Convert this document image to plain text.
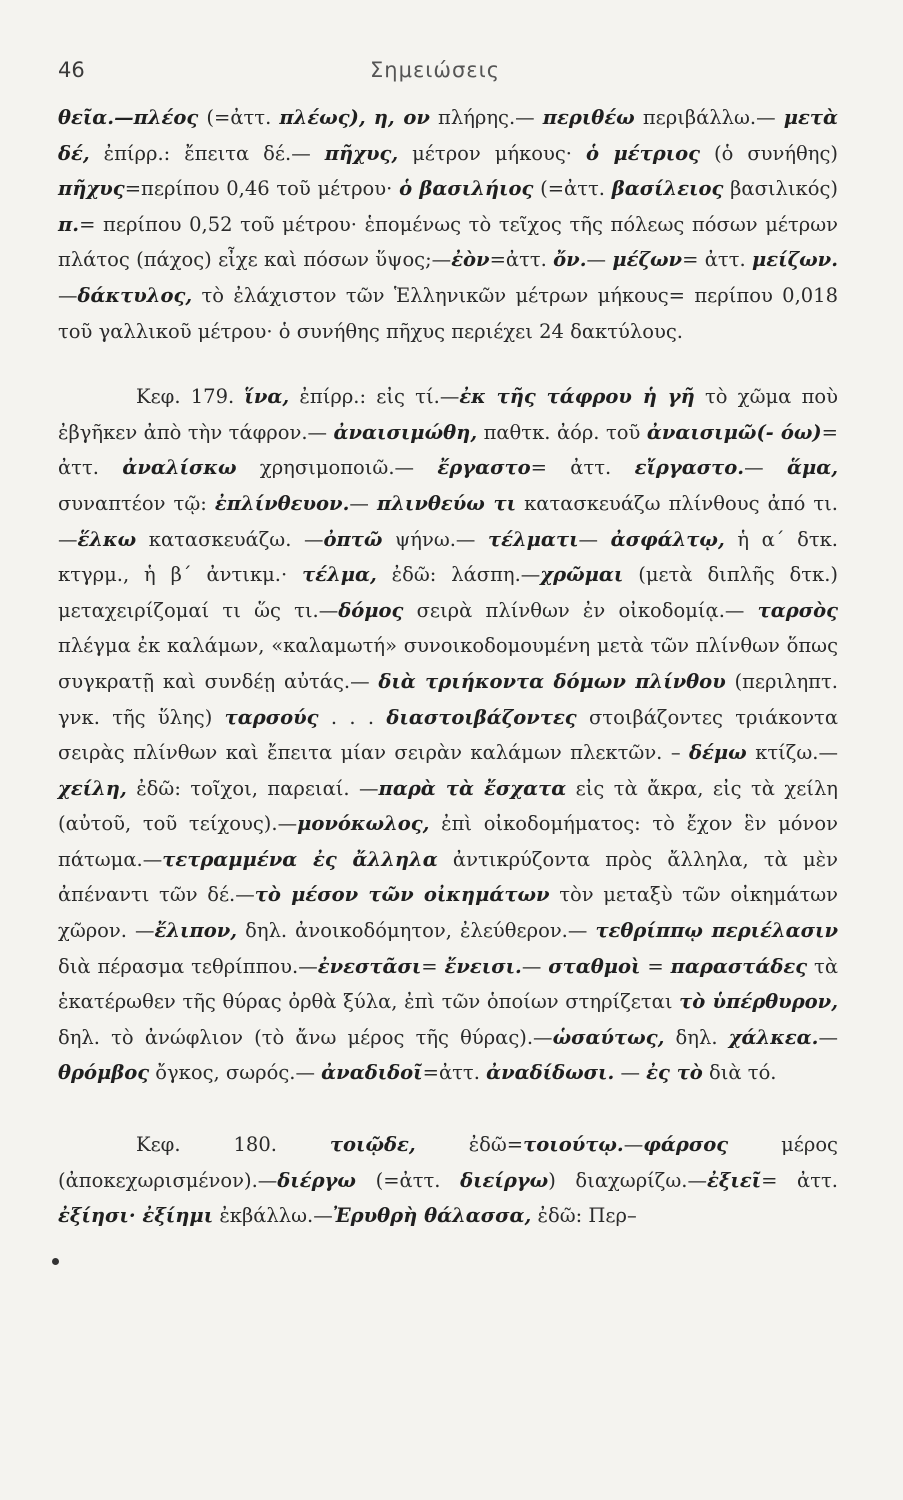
46	Σημειώσεις

θεῖα.—πλέος (=ἀττ. πλέως), η, ον πλήρης.— περιθέω περιβάλλω.— μετὰ δέ, ἐπίρρ.: ἔπειτα δέ.— πῆχυς, μέτρον μήκους· ὁ μέτριος (ὁ συνήθης) πῆχυς=περίπου 0,46 τοῦ μέτρου· ὁ βασιλήιος (=ἀττ. βασίλειος βασιλικός) π.= περίπου 0,52 τοῦ μέτρου· ἑπομένως τὸ τεῖχος τῆς πόλεως πόσων μέτρων πλάτος (πάχος) εἶχε καὶ πόσων ὕψος;—ἐὸν=ἀττ. ὄν.— μέζων= ἀττ. μείζων.—δάκτυλος, τὸ ἐλάχιστον τῶν Ἑλληνικῶν μέτρων μήκους= περίπου 0,018 τοῦ γαλλικοῦ μέτρου· ὁ συνήθης πῆχυς περιέχει 24 δακτύλους.

Κεφ. 179. ἵνα, ἐπίρρ.: εἰς τί.—ἐκ τῆς τάφρου ἡ γῆ τὸ χῶμα ποὺ ἐβγῆκεν ἀπὸ τὴν τάφρον.— ἀναισιμώθη, παθτκ. ἀόρ. τοῦ ἀναισιμῶ(- όω)= ἀττ. ἀναλίσκω χρησιμοποιῶ.— ἔργαστο= ἀττ. εἴργαστο.— ἅμα, συναπτέον τῷ: ἐπλίνθευον.— πλινθεύω τι κατασκευάζω πλίνθους ἀπό τι.—ἕλκω κατασκευάζω. —ὀπτῶ ψήνω.— τέλματι— ἀσφάλτῳ, ἡ α΄ δτκ. κτγρμ., ἡ β΄ ἀντικμ.· τέλμα, ἐδῶ: λάσπη.—χρῶμαι (μετὰ διπλῆς δτκ.) μεταχειρίζομαί τι ὥς τι.—δόμος σειρὰ πλίνθων ἐν οἰκοδομίᾳ.— ταρσὸς πλέγμα ἐκ καλάμων, «καλαμωτή» συνοικοδομουμένη μετὰ τῶν πλίνθων ὅπως συγκρατῇ καὶ συνδέῃ αὐτάς.— διὰ τριήκοντα δόμων πλίνθου (περιληπτ. γνκ. τῆς ὕλης) ταρσούς . . . διαστοιβάζοντες στοιβάζοντες τριάκοντα σειρὰς πλίνθων καὶ ἔπειτα μίαν σειρὰν καλάμων πλεκτῶν. – δέμω κτίζω.— χείλη, ἐδῶ: τοῖχοι, παρειαί. —παρὰ τὰ ἔσχατα εἰς τὰ ἄκρα, εἰς τὰ χείλη (αὐτοῦ, τοῦ τείχους).—μονόκωλος, ἐπὶ οἰκοδομήματος: τὸ ἔχον ἓν μόνον πάτωμα.—τετραμμένα ἐς ἄλληλα ἀντικρύζοντα πρὸς ἄλληλα, τὰ μὲν ἀπέναντι τῶν δέ.—τὸ μέσον τῶν οἰκημάτων τὸν μεταξὺ τῶν οἰκημάτων χῶρον. —ἔλιπον, δηλ. ἀνοικοδόμητον, ἐλεύθερον.— τεθρίππῳ περιέλασιν διὰ πέρασμα τεθρίππου.—ἐνεστᾶσι= ἔνεισι.— σταθμοὶ = παραστάδες τὰ ἑκατέρωθεν τῆς θύρας ὀρθὰ ξύλα, ἐπὶ τῶν ὁποίων στηρίζεται τὸ ὑπέρθυρον, δηλ. τὸ ἀνώφλιον (τὸ ἄνω μέρος τῆς θύρας).—ὡσαύτως, δηλ. χάλκεα.— θρόμβος ὄγκος, σωρός.— ἀναδιδοῖ=ἀττ. ἀναδίδωσι. — ἐς τὸ διὰ τό.

Κεφ. 180. τοιῷδε, ἐδῶ=τοιούτῳ.—φάρσος μέρος (ἀποκεχωρισμένον).—διέργω (=ἀττ. διείργω) διαχωρίζω.—ἐξιεῖ= ἀττ. ἐξίησι· ἐξίημι ἐκβάλλω.—Ἐρυθρὴ θάλασσα, ἐδῶ: Περ–
